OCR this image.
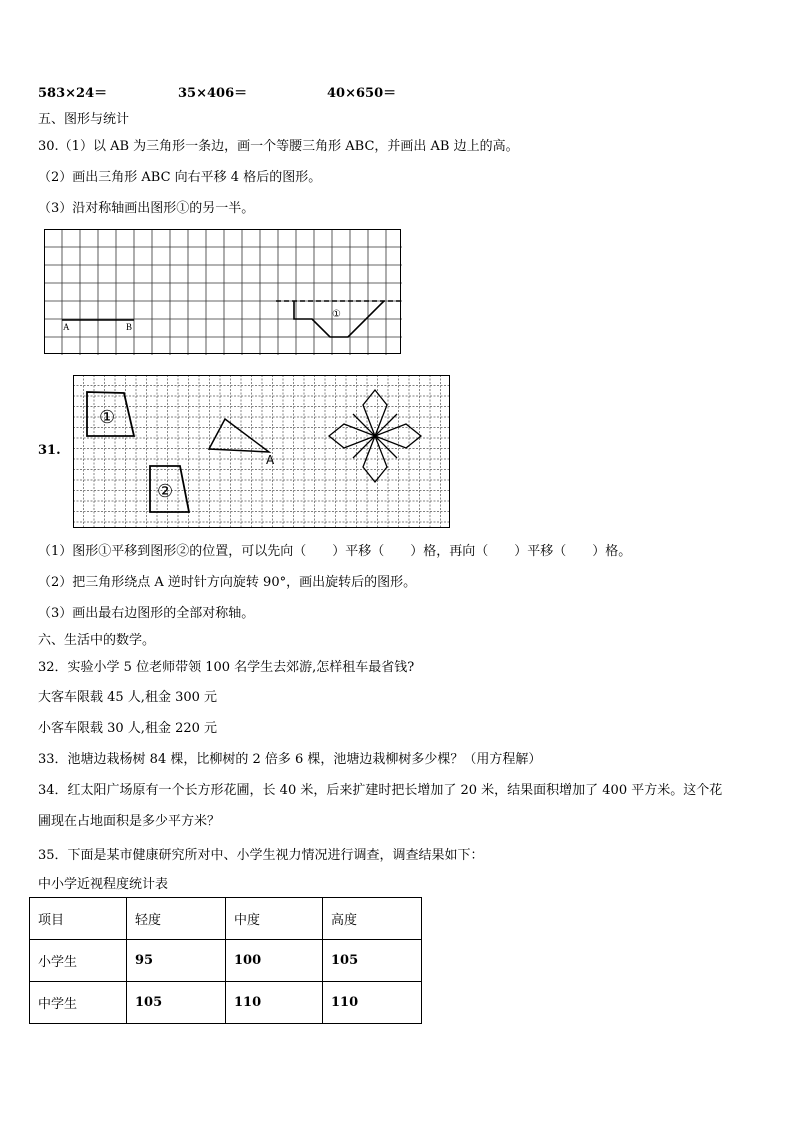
583×24＝	35×406＝	40×650＝
五、图形与统计
30.（1）以 AB 为三角形一条边，画一个等腰三角形 ABC，并画出 AB 边上的高。
（2）画出三角形 ABC 向右平移 4 格后的图形。
（3）沿对称轴画出图形①的另一半。
A	B
①
31.
①
A
②
（1）图形①平移到图形②的位置，可以先向（　　）平移（　　）格，再向（　　）平移（　　）格。
（2）把三角形绕点 A 逆时针方向旋转 90°，画出旋转后的图形。
（3）画出最右边图形的全部对称轴。
六、生活中的数学。
32．实验小学 5 位老师带领 100 名学生去郊游,怎样租车最省钱?
大客车限载 45 人,租金 300 元
小客车限载 30 人,租金 220 元
33．池塘边栽杨树 84 棵，比柳树的 2 倍多 6 棵，池塘边栽柳树多少棵？（用方程解）
34．红太阳广场原有一个长方形花圃，长 40 米，后来扩建时把长增加了 20 米，结果面积增加了 400 平方米。这个花
圃现在占地面积是多少平方米？
35．下面是某市健康研究所对中、小学生视力情况进行调查，调查结果如下：
中小学近视程度统计表
项目	轻度	中度	高度
小学生	95	100	105
中学生	105	110	110
